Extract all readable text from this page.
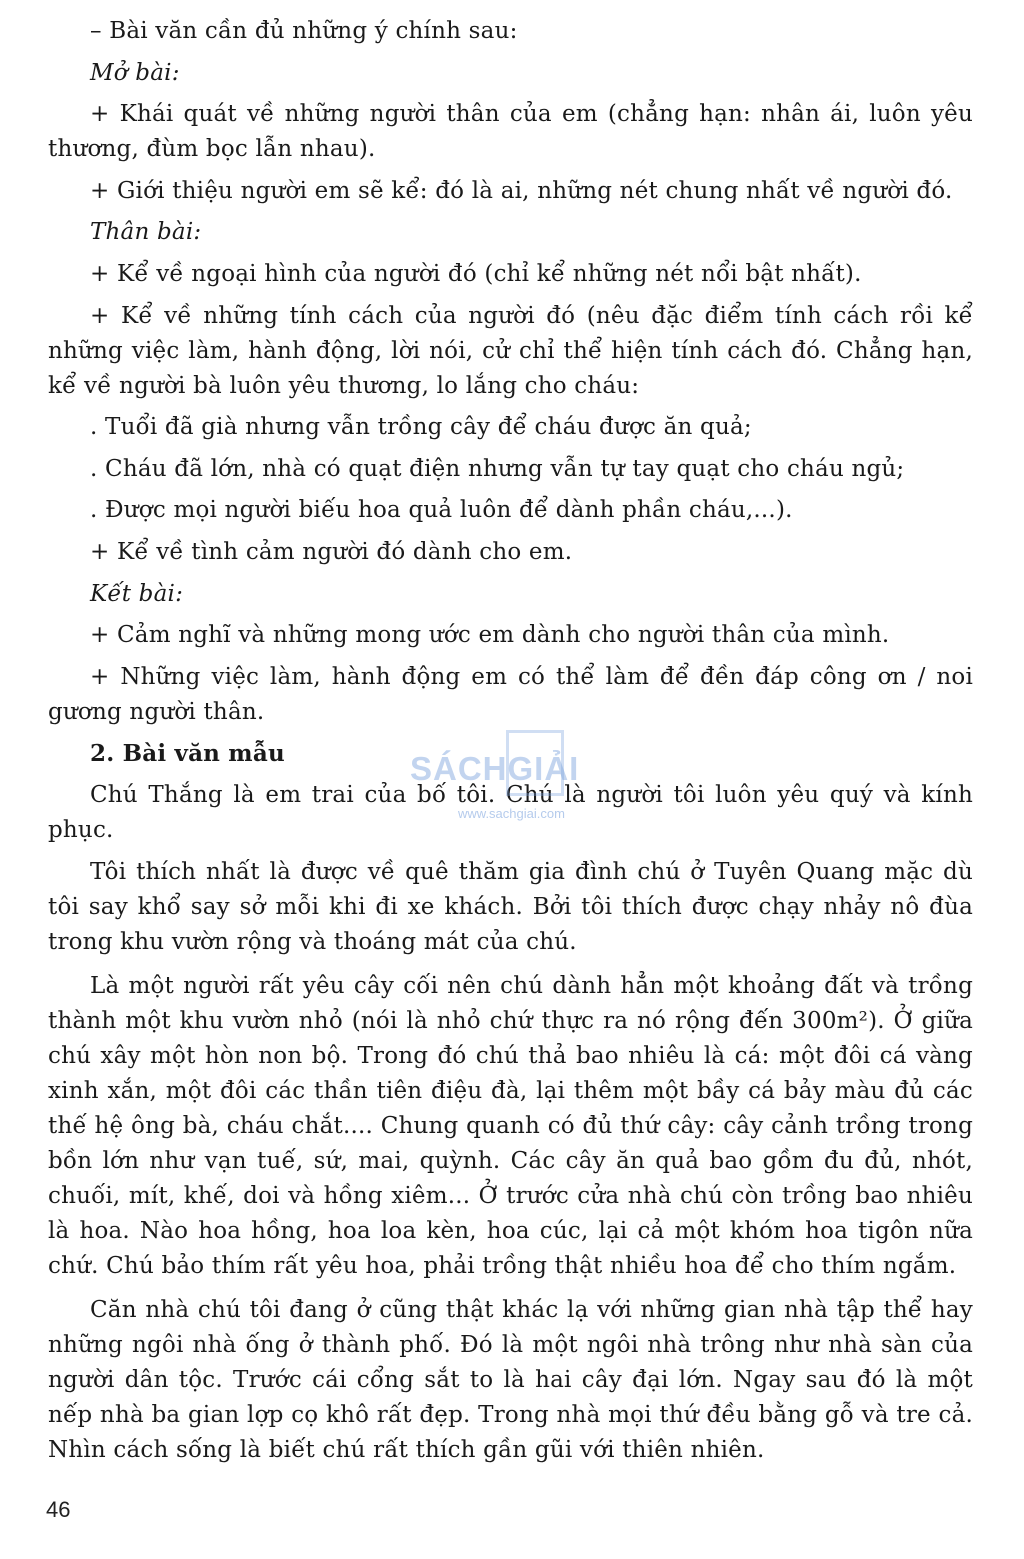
– Bài văn cần đủ những ý chính sau:

Mở bài:

+ Khái quát về những người thân của em (chẳng hạn: nhân ái, luôn yêu thương, đùm bọc lẫn nhau).

+ Giới thiệu người em sẽ kể: đó là ai, những nét chung nhất về người đó.

Thân bài:

+ Kể về ngoại hình của người đó (chỉ kể những nét nổi bật nhất).

+ Kể về những tính cách của người đó (nêu đặc điểm tính cách rồi kể những việc làm, hành động, lời nói, cử chỉ thể hiện tính cách đó. Chẳng hạn, kể về người bà luôn yêu thương, lo lắng cho cháu:

. Tuổi đã già nhưng vẫn trồng cây để cháu được ăn quả;

. Cháu đã lớn, nhà có quạt điện nhưng vẫn tự tay quạt cho cháu ngủ;

. Được mọi người biếu hoa quả luôn để dành phần cháu,...).

+ Kể về tình cảm người đó dành cho em.

Kết bài:

+ Cảm nghĩ và những mong ước em dành cho người thân của mình.

+ Những việc làm, hành động em có thể làm để đền đáp công ơn / noi gương người thân.

2. Bài văn mẫu

Chú Thắng là em trai của bố tôi. Chú là người tôi luôn yêu quý và kính phục.

Tôi thích nhất là được về quê thăm gia đình chú ở Tuyên Quang mặc dù tôi say khổ say sở mỗi khi đi xe khách. Bởi tôi thích được chạy nhảy nô đùa trong khu vườn rộng và thoáng mát của chú.

Là một người rất yêu cây cối nên chú dành hẳn một khoảng đất và trồng thành một khu vườn nhỏ (nói là nhỏ chứ thực ra nó rộng đến 300m²). Ở giữa chú xây một hòn non bộ. Trong đó chú thả bao nhiêu là cá: một đôi cá vàng xinh xắn, một đôi các thần tiên điệu đà, lại thêm một bầy cá bảy màu đủ các thế hệ ông bà, cháu chắt.... Chung quanh có đủ thứ cây: cây cảnh trồng trong bồn lớn như vạn tuế, sứ, mai, quỳnh. Các cây ăn quả bao gồm đu đủ, nhót, chuối, mít, khế, doi và hồng xiêm... Ở trước cửa nhà chú còn trồng bao nhiêu là hoa. Nào hoa hồng, hoa loa kèn, hoa cúc, lại cả một khóm hoa tigôn nữa chứ. Chú bảo thím rất yêu hoa, phải trồng thật nhiều hoa để cho thím ngắm.

Căn nhà chú tôi đang ở cũng thật khác lạ với những gian nhà tập thể hay những ngôi nhà ống ở thành phố. Đó là một ngôi nhà trông như nhà sàn của người dân tộc. Trước cái cổng sắt to là hai cây đại lớn. Ngay sau đó là một nếp nhà ba gian lợp cọ khô rất đẹp. Trong nhà mọi thứ đều bằng gỗ và tre cả. Nhìn cách sống là biết chú rất thích gần gũi với thiên nhiên.

SÁCHGIẢI
www.sachgiai.com
46
